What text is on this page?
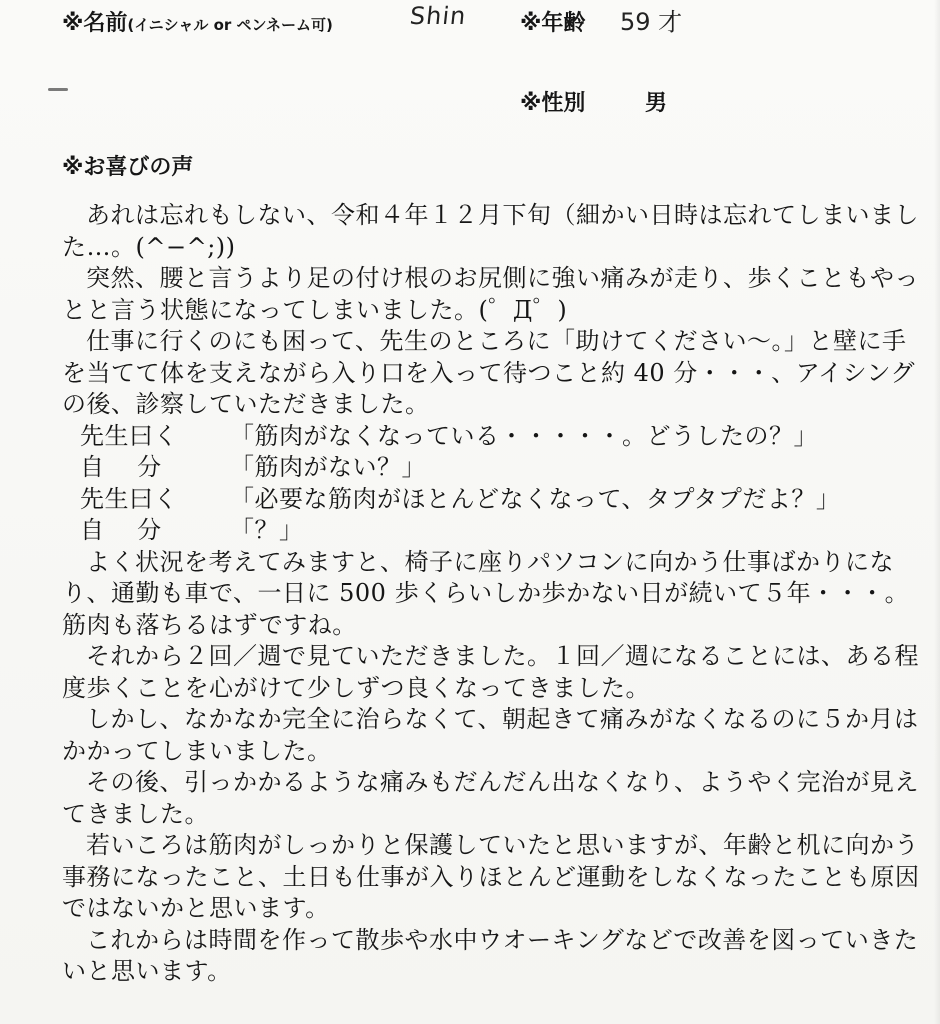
※名前(イニシャル or ペンネーム可)	Shin ※年齢 59 才
※性別	男
※お喜びの声

あれは忘れもしない、令和４年１２月下旬（細かい日時は忘れてしまいました…。(^−^;))

突然、腰と言うより足の付け根のお尻側に強い痛みが走り、歩くこともやっとと言う状態になってしまいました。(゜Д゜)

仕事に行くのにも困って、先生のところに「助けてください〜。」と壁に手を当てて体を支えながら入り口を入って待つこと約 40 分・・・、アイシングの後、診察していただきました。

先生曰く	「筋肉がなくなっている・・・・・。どうしたの？」
自　 分	「筋肉がない？」
先生曰く	「必要な筋肉がほとんどなくなって、タプタプだよ？」
自　 分	「？」

よく状況を考えてみますと、椅子に座りパソコンに向かう仕事ばかりになり、通勤も車で、一日に 500 歩くらいしか歩かない日が続いて５年・・・。筋肉も落ちるはずですね。

それから２回／週で見ていただきました。１回／週になることには、ある程度歩くことを心がけて少しずつ良くなってきました。

しかし、なかなか完全に治らなくて、朝起きて痛みがなくなるのに５か月はかかってしまいました。

その後、引っかかるような痛みもだんだん出なくなり、ようやく完治が見えてきました。

若いころは筋肉がしっかりと保護していたと思いますが、年齢と机に向かう事務になったこと、土日も仕事が入りほとんど運動をしなくなったことも原因ではないかと思います。

これからは時間を作って散歩や水中ウオーキングなどで改善を図っていきたいと思います。
